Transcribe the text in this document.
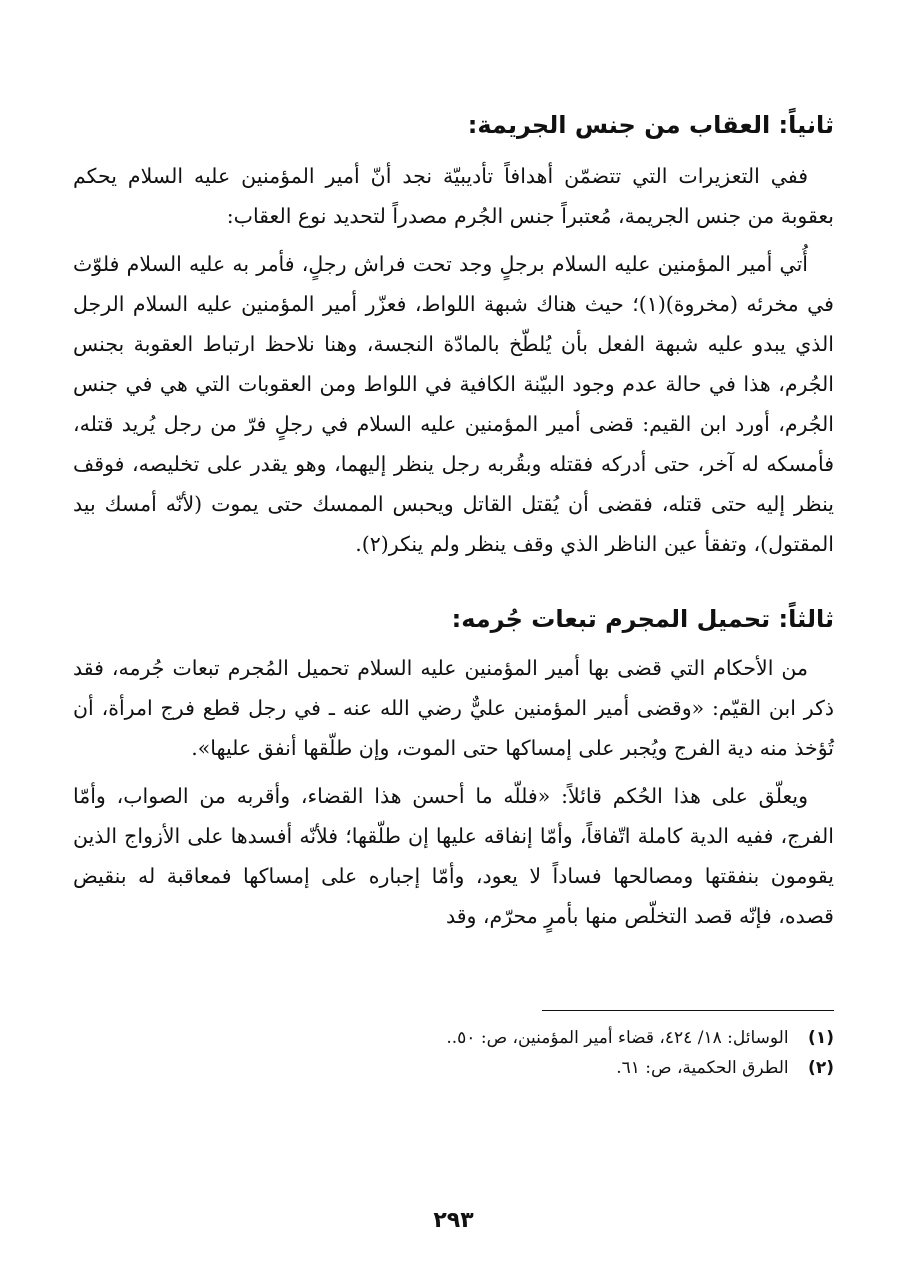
ثانياً: العقاب من جنس الجريمة:

ففي التعزيرات التي تتضمّن أهدافاً تأديبيّة نجد أنّ أمير المؤمنين عليه السلام يحكم بعقوبة من جنس الجريمة، مُعتبراً جنس الجُرم مصدراً لتحديد نوع العقاب:

أُتي أمير المؤمنين عليه السلام برجلٍ وجد تحت فراش رجلٍ، فأمر به عليه السلام فلوّث في مخرئه (مخروة)(١)؛ حيث هناك شبهة اللواط، فعزّر أمير المؤمنين عليه السلام الرجل الذي يبدو عليه شبهة الفعل بأن يُلطّخ بالمادّة النجسة، وهنا نلاحظ ارتباط العقوبة بجنس الجُرم، هذا في حالة عدم وجود البيّنة الكافية في اللواط ومن العقوبات التي هي في جنس الجُرم، أورد ابن القيم: قضى أمير المؤمنين عليه السلام في رجلٍ فرّ من رجل يُريد قتله، فأمسكه له آخر، حتى أدركه فقتله وبقُربه رجل ينظر إليهما، وهو يقدر على تخليصه، فوقف ينظر إليه حتى قتله، فقضى أن يُقتل القاتل ويحبس الممسك حتى يموت (لأنّه أمسك بيد المقتول)، وتفقأ عين الناظر الذي وقف ينظر ولم ينكر(٢).

ثالثاً: تحميل المجرم تبعات جُرمه:

من الأحكام التي قضى بها أمير المؤمنين عليه السلام تحميل المُجرم تبعات جُرمه، فقد ذكر ابن القيّم: «وقضى أمير المؤمنين عليٌّ رضي الله عنه ـ في رجل قطع فرج امرأة، أن تُؤخذ منه دية الفرج ويُجبر على إمساكها حتى الموت، وإن طلّقها أنفق عليها».

ويعلّق على هذا الحُكم قائلاً: «فللّه ما أحسن هذا القضاء، وأقربه من الصواب، وأمّا الفرج، ففيه الدية كاملة اتّفاقاً، وأمّا إنفاقه عليها إن طلّقها؛ فلأنّه أفسدها على الأزواج الذين يقومون بنفقتها ومصالحها فساداً لا يعود، وأمّا إجباره على إمساكها فمعاقبة له بنقيض قصده، فإنّه قصد التخلّص منها بأمرٍ محرّم، وقد

(١) الوسائل: ١٨/ ٤٢٤، قضاء أمير المؤمنين، ص: ٥٠..
(٢) الطرق الحكمية، ص: ٦١.
٢٩٣
